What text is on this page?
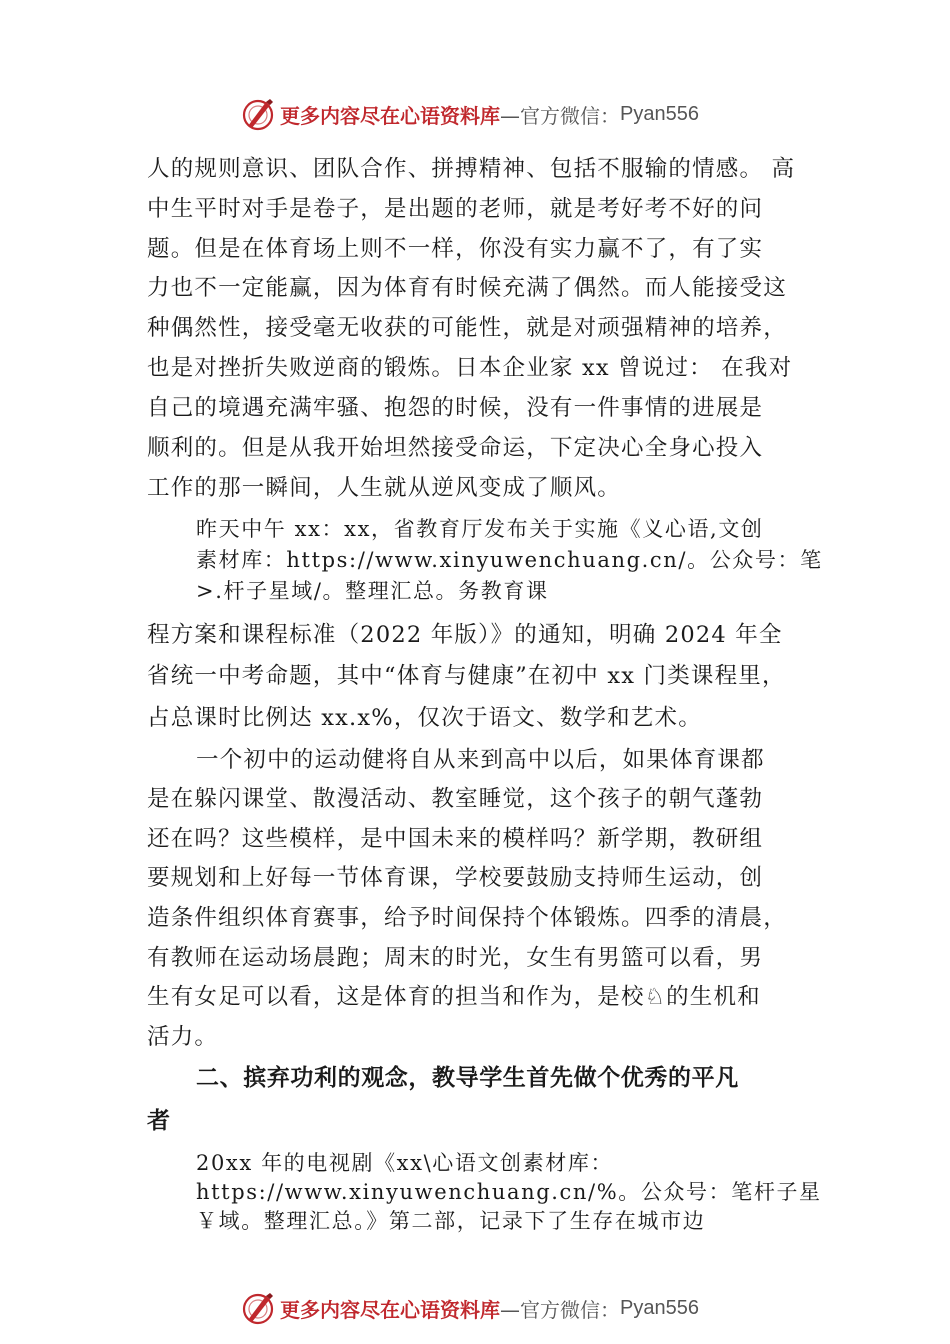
更多内容尽在心语资料库 —官方微信： Pyan556
人的规则意识、团队合作、拼搏精神、包括不服输的情感。 高
中生平时对手是卷子，是出题的老师，就是考好考不好的问
题。但是在体育场上则不一样，你没有实力赢不了，有了实
力也不一定能赢，因为体育有时候充满了偶然。而人能接受这
种偶然性，接受毫无收获的可能性，就是对顽强精神的培养，
也是对挫折失败逆商的锻炼。日本企业家 xx 曾说过： 在我对
自己的境遇充满牢骚、抱怨的时候，没有一件事情的进展是
顺利的。但是从我开始坦然接受命运，下定决心全身心投入
工作的那一瞬间，人生就从逆风变成了顺风。
昨天中午 xx：xx，省教育厅发布关于实施《义心语,文创
素材库：https://www.xinyuwenchuang.cn/。公众号：笔
>.杆子星域/。整理汇总。务教育课
程方案和课程标准（2022 年版）》的通知，明确 2024 年全
省统一中考命题，其中“体育与健康”在初中 xx 门类课程里，
占总课时比例达 xx.x%，仅次于语文、数学和艺术。
一个初中的运动健将自从来到高中以后，如果体育课都
是在躲闪课堂、散漫活动、教室睡觉，这个孩子的朝气蓬勃
还在吗？这些模样，是中国未来的模样吗？新学期，教研组
要规划和上好每一节体育课，学校要鼓励支持师生运动，创
造条件组织体育赛事，给予时间保持个体锻炼。四季的清晨，
有教师在运动场晨跑；周末的时光，女生有男篮可以看，男
生有女足可以看，这是体育的担当和作为，是校♘的生机和
活力。
二、摈弃功利的观念，教导学生首先做个优秀的平凡
者
20xx 年的电视剧《xx\心语文创素材库：
https://www.xinyuwenchuang.cn/%。公众号：笔杆子星
￥域。整理汇总。》第二部，记录下了生存在城市边
更多内容尽在心语资料库 —官方微信： Pyan556
